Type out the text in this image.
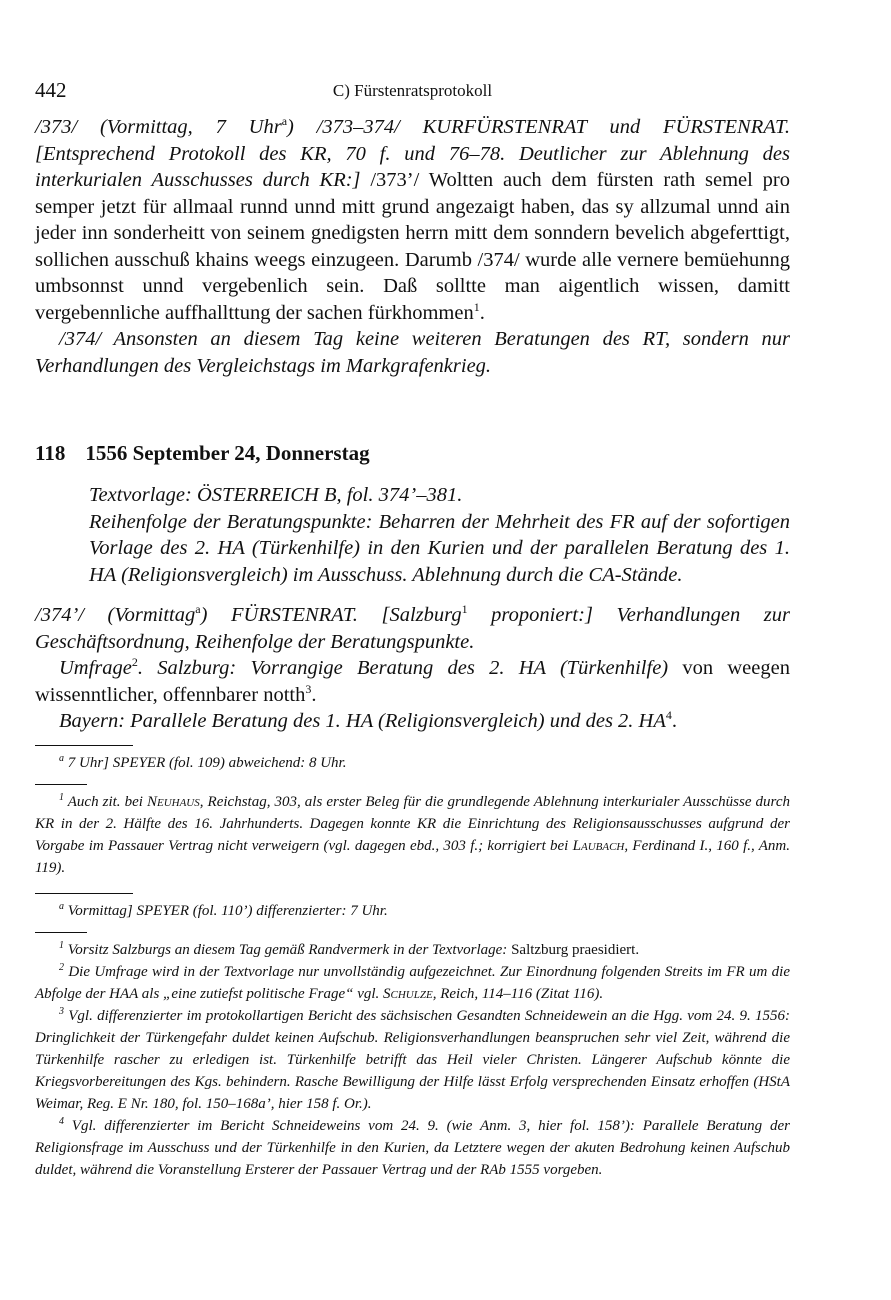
442	C) Fürstenratsprotokoll

/373/ (Vormittag, 7 Uhr$^a$) /373–374/ KURFÜRSTENRAT und FÜRSTENRAT. [Entsprechend Protokoll des KR, 70 f. und 76–78. Deutlicher zur Ablehnung des interkurialen Ausschusses durch KR:] /373’/ Woltten auch dem fürsten rath semel pro semper jetzt für allmaal runnd unnd mitt grund angezaigt haben, das sy allzumal unnd ain jeder inn sonderheitt von seinem gnedigsten herrn mitt dem sonndern bevelich abgeferttigt, sollichen ausschuß khains weegs einzugeen. Darumb /374/ wurde alle vernere bemüehunng umbsonnst unnd vergebenlich sein. Daß solltte man aigentlich wissen, damitt vergebennliche auffhallttung der sachen fürkhommen$^1$.

/374/ Ansonsten an diesem Tag keine weiteren Beratungen des RT, sondern nur Verhandlungen des Vergleichstags im Markgrafenkrieg.

118 1556 September 24, Donnerstag

Textvorlage: ÖSTERREICH B, fol. 374’–381.

Reihenfolge der Beratungspunkte: Beharren der Mehrheit des FR auf der sofortigen Vorlage des 2. HA (Türkenhilfe) in den Kurien und der parallelen Beratung des 1. HA (Religionsvergleich) im Ausschuss. Ablehnung durch die CA-Stände.

/374’/ (Vormittag$^a$) FÜRSTENRAT. [Salzburg$^1$ proponiert:] Verhandlungen zur Geschäftsordnung, Reihenfolge der Beratungspunkte.

Umfrage$^2$. Salzburg: Vorrangige Beratung des 2. HA (Türkenhilfe) von weegen wissenntlicher, offennbarer notth$^3$.

Bayern: Parallele Beratung des 1. HA (Religionsvergleich) und des 2. $HA^4$.

$^a$ 7 Uhr] SPEYER (fol. 109) abweichend: 8 Uhr.

$^1$ Auch zit. bei Neuhaus, Reichstag, 303, als erster Beleg für die grundlegende Ablehnung interkurialer Ausschüsse durch KR in der 2. Hälfte des 16. Jahrhunderts. Dagegen konnte KR die Einrichtung des Religionsausschusses aufgrund der Vorgabe im Passauer Vertrag nicht verweigern (vgl. dagegen ebd., 303 f.; korrigiert bei Laubach, Ferdinand I., 160 f., Anm. 119).

$^a$ Vormittag] SPEYER (fol. 110’) differenzierter: 7 Uhr.

$^1$ Vorsitz Salzburgs an diesem Tag gemäß Randvermerk in der Textvorlage: Saltzburg praesidiert.

$^2$ Die Umfrage wird in der Textvorlage nur unvollständig aufgezeichnet. Zur Einordnung folgenden Streits im FR um die Abfolge der HAA als „eine zutiefst politische Frage“ vgl. Schulze, Reich, 114–116 (Zitat 116).

$^3$ Vgl. differenzierter im protokollartigen Bericht des sächsischen Gesandten Schneidewein an die Hgg. vom 24. 9. 1556: Dringlichkeit der Türkengefahr duldet keinen Aufschub. Religionsverhandlungen beanspruchen sehr viel Zeit, während die Türkenhilfe rascher zu erledigen ist. Türkenhilfe betrifft das Heil vieler Christen. Längerer Aufschub könnte die Kriegsvorbereitungen des Kgs. behindern. Rasche Bewilligung der Hilfe lässt Erfolg versprechenden Einsatz erhoffen (HStA Weimar, Reg. E Nr. 180, fol. 150–168a’, hier 158 f. Or.).

$^4$ Vgl. differenzierter im Bericht Schneideweins vom 24. 9. (wie Anm. 3, hier fol. 158’): Parallele Beratung der Religionsfrage im Ausschuss und der Türkenhilfe in den Kurien, da Letztere wegen der akuten Bedrohung keinen Aufschub duldet, während die Voranstellung Ersterer der Passauer Vertrag und der RAb 1555 vorgeben.
